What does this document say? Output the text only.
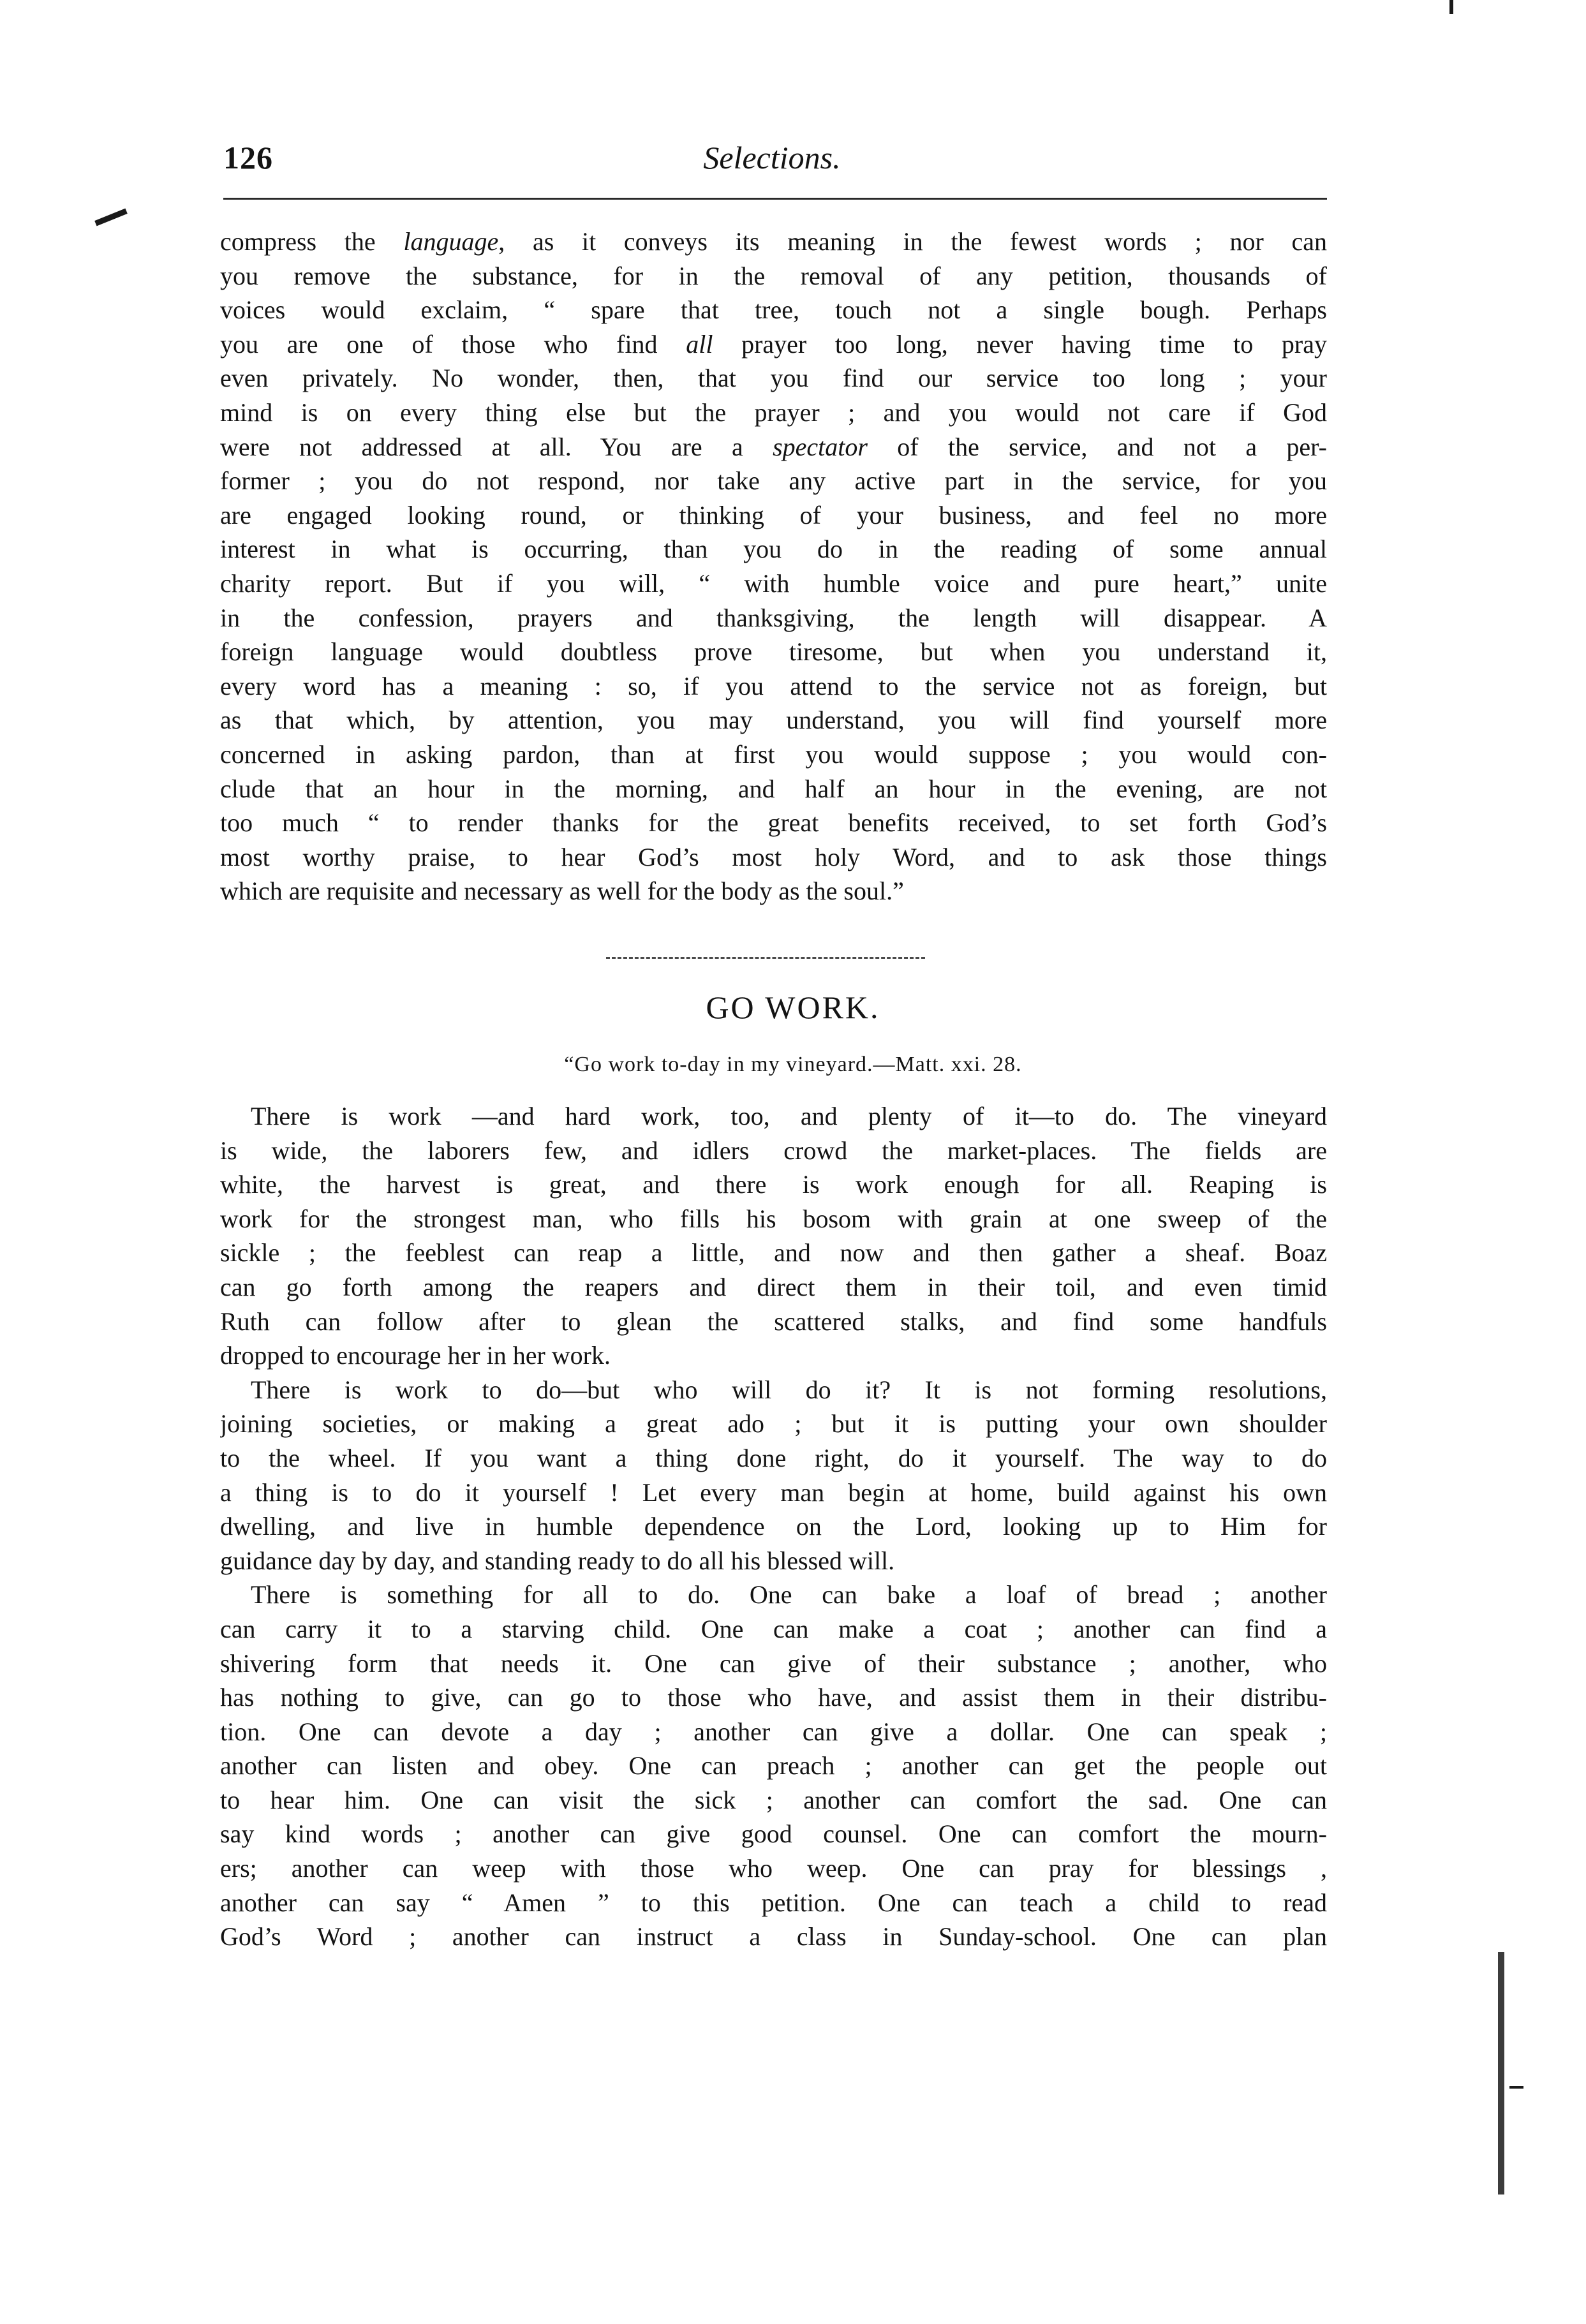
126	Selections.
compress the language, as it conveys its meaning in the fewest words ; nor can
you remove the substance, for in the removal of any petition, thousands of
voices would exclaim, “ spare that tree, touch not a single bough. Perhaps
you are one of those who find all prayer too long, never having time to pray
even privately. No wonder, then, that you find our service too long ; your
mind is on every thing else but the prayer ; and you would not care if God
were not addressed at all. You are a spectator of the service, and not a per-
former ; you do not respond, nor take any active part in the service, for you
are engaged looking round, or thinking of your business, and feel no more
interest in what is occurring, than you do in the reading of some annual
charity report. But if you will, “ with humble voice and pure heart,” unite
in the confession, prayers and thanksgiving, the length will disappear. A
foreign language would doubtless prove tiresome, but when you understand it,
every word has a meaning : so, if you attend to the service not as foreign, but
as that which, by attention, you may understand, you will find yourself more
concerned in asking pardon, than at first you would suppose ; you would con-
clude that an hour in the morning, and half an hour in the evening, are not
too much “ to render thanks for the great benefits received, to set forth God’s
most worthy praise, to hear God’s most holy Word, and to ask those things
which are requisite and necessary as well for the body as the soul.”
GO WORK.
“Go work to-day in my vineyard.—Matt. xxi. 28.
There is work —and hard work, too, and plenty of it—to do. The vineyard
is wide, the laborers few, and idlers crowd the market-places. The fields are
white, the harvest is great, and there is work enough for all. Reaping is
work for the strongest man, who fills his bosom with grain at one sweep of the
sickle ; the feeblest can reap a little, and now and then gather a sheaf. Boaz
can go forth among the reapers and direct them in their toil, and even timid
Ruth can follow after to glean the scattered stalks, and find some handfuls
dropped to encourage her in her work.
There is work to do—but who will do it? It is not forming resolutions,
joining societies, or making a great ado ; but it is putting your own shoulder
to the wheel. If you want a thing done right, do it yourself. The way to do
a thing is to do it yourself ! Let every man begin at home, build against his own
dwelling, and live in humble dependence on the Lord, looking up to Him for
guidance day by day, and standing ready to do all his blessed will.
There is something for all to do. One can bake a loaf of bread ; another
can carry it to a starving child. One can make a coat ; another can find a
shivering form that needs it. One can give of their substance ; another, who
has nothing to give, can go to those who have, and assist them in their distribu-
tion. One can devote a day ; another can give a dollar. One can speak ;
another can listen and obey. One can preach ; another can get the people out
to hear him. One can visit the sick ; another can comfort the sad. One can
say kind words ; another can give good counsel. One can comfort the mourn-
ers; another can weep with those who weep. One can pray for blessings ,
another can say “ Amen ” to this petition. One can teach a child to read
God’s Word ; another can instruct a class in Sunday-school. One can plan
